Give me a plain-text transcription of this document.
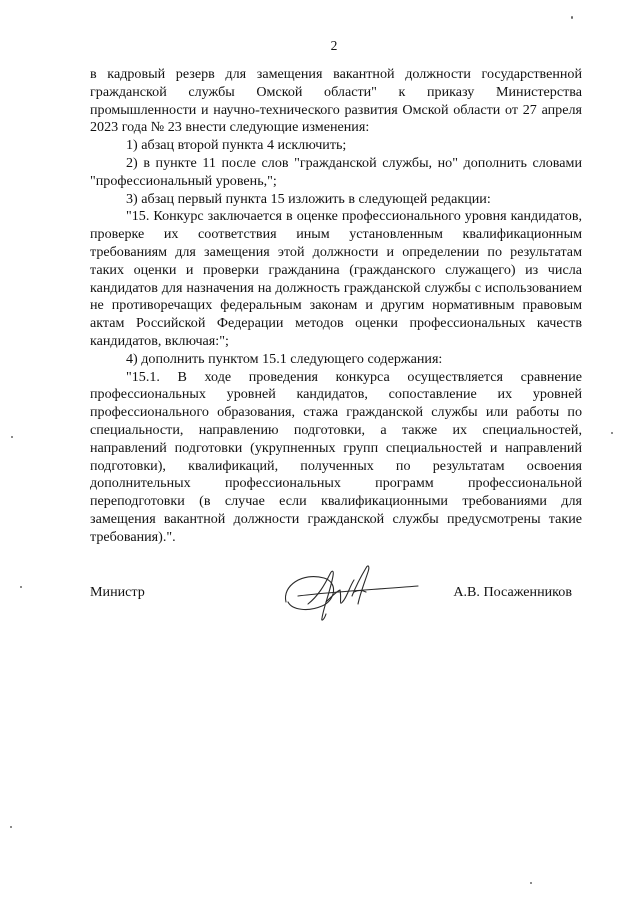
2

в кадровый резерв для замещения вакантной должности государственной гражданской службы Омской области" к приказу Министерства промышленности и научно-технического развития Омской области от 27 апреля 2023 года № 23 внести следующие изменения:

1) абзац второй пункта 4 исключить;

2) в пункте 11 после слов "гражданской службы, но" дополнить словами "профессиональный уровень,";

3) абзац первый пункта 15 изложить в следующей редакции:

"15. Конкурс заключается в оценке профессионального уровня кандидатов, проверке их соответствия иным установленным квалификационным требованиям для замещения этой должности и определении по результатам таких оценки и проверки гражданина (гражданского служащего) из числа кандидатов для назначения на должность гражданской службы с использованием не противоречащих федеральным законам и другим нормативным правовым актам Российской Федерации методов оценки профессиональных качеств кандидатов, включая:";

4) дополнить пунктом 15.1 следующего содержания:

"15.1. В ходе проведения конкурса осуществляется сравнение профессиональных уровней кандидатов, сопоставление их уровней профессионального образования, стажа гражданской службы или работы по специальности, направлению подготовки, а также их специальностей, направлений подготовки (укрупненных групп специальностей и направлений подготовки), квалификаций, полученных по результатам освоения дополнительных профессиональных программ профессиональной переподготовки (в случае если квалификационными требованиями для замещения вакантной должности гражданской службы предусмотрены такие требования).".

Министр	А.В. Посаженников
